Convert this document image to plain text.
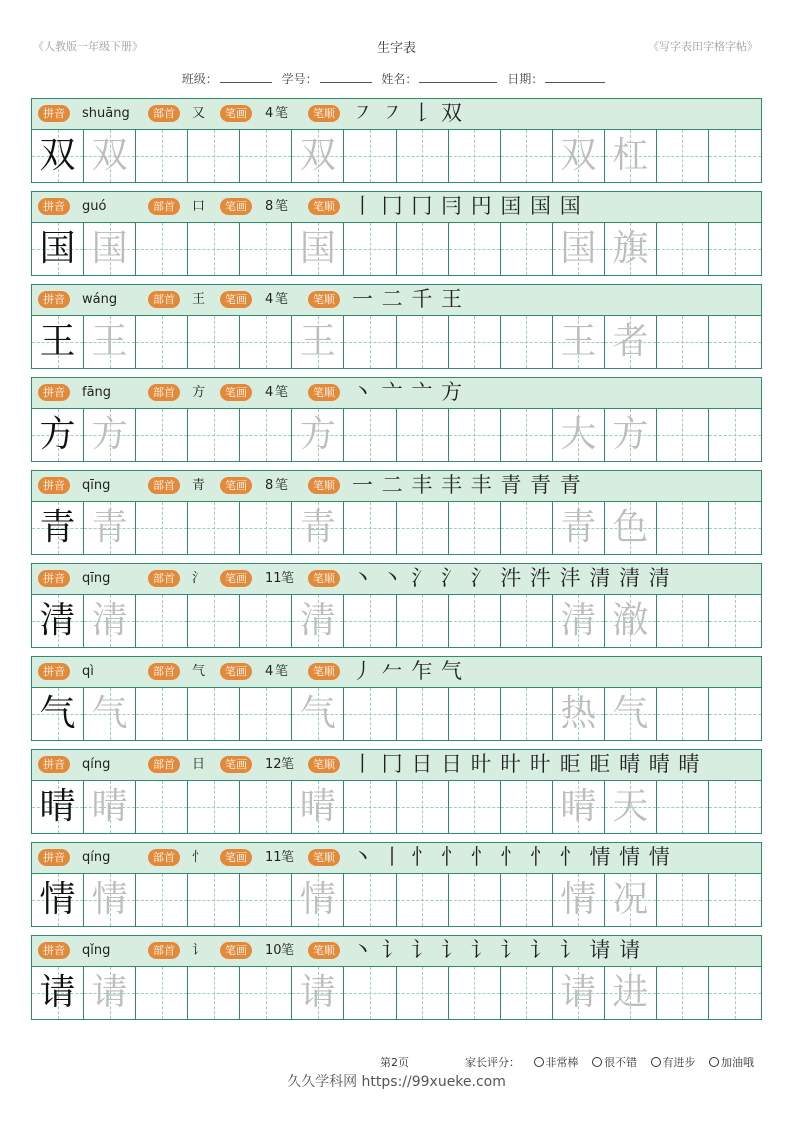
《人教版一年级下册》	生字表	《写字表田字格字帖》
班级：	学号：	姓名：	日期：
拼音	shuāng	部首	又	笔画	4 笔	笔顺 ㇇ ㇇ 𠄌 双
双 双	双	双 杠
拼音	guó	部首	口	笔画	8 笔	笔顺 丨 冂 冂 冃 円 囯 国 国
国 国	国	国 旗
拼音	wáng	部首	王	笔画	4 笔	笔顺 一 二 千 王
王 王	王	王 者
拼音	fāng	部首	方	笔画	4 笔	笔顺 丶 亠 亠 方
方 方	方	大 方
拼音	qīng	部首	青	笔画	8 笔	笔顺 一 二 丰 丰 丰 青 青 青
青 青	青	青 色
拼音	qīng	部首	氵	笔画	11 笔	笔顺 丶 丶 氵 氵 氵 汼 汼 沣 清 清 清
清 清	清	清 澈
拼音	qì	部首	气	笔画	4 笔	笔顺 丿 𠂉 乍 气
气 气	气	热 气
拼音	qíng	部首	日	笔画	12 笔	笔顺 丨 冂 日 日 旪 旪 旪 昛 昛 晴 晴 晴
晴 晴	晴	晴 天
拼音	qíng	部首	忄	笔画	11 笔	笔顺 丶 丨 忄 忄 忄 忄 忄 忄 情 情 情
情 情	情	情 况
拼音	qǐng	部首	讠	笔画	10 笔	笔顺 丶 讠 讠 讠 讠 讠 讠 讠 请 请
请 请	请	请 进
第2页	家长评分： 非常棒 很不错 有进步 加油哦
久久学科网 https://99xueke.com
